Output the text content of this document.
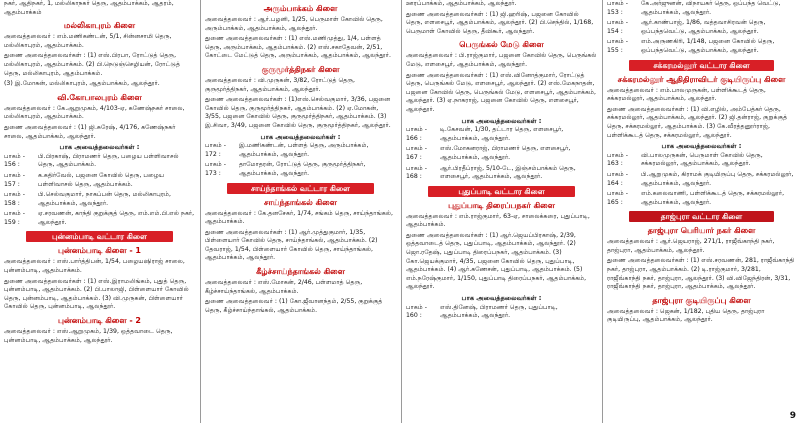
நகர், ஆதிநகர், 1, மல்லிகாநகர் தெரு, ஆதம்பாக்கம், ஆதரம், ஆதம்பாக்கம்

மல்லிகாபுரம் கிளை

அவைத்தலைவர் : எம்.மணிகண்டன், 5/1, சின்னசாமி தெரு, மல்லிகாபுரம், ஆதம்பாக்கம்.

துணை அவைத்தலைவர்கள் : (1) எஸ்.பிரபா, ரோட்டுத் தெரு, மல்லிகாபுரம், ஆதம்பாக்கம். (2) பி.நெடுஞ்செழியன், ரோட்டுத் தெரு, மல்லிகாபுரம், ஆதம்பாக்கம்.

(3) இ.மோகன், மல்லிகாபுரம், ஆதம்பாக்கம், ஆலந்தூர்.

வி.கோபாலபுரம் கிளை

அவைத்தலைவர் : கே.ஆறுமுகம், 4/103-ஏ, கணேஷ்நகர் சாலை, மல்லிகாபுரம், ஆதம்பாக்கம்.

துணை அவைத்தலைவர் : (1) ஜி.சுரேஷ், 4/176, கணேஷ்நகர் சாலை, ஆதம்பாக்கம், ஆலந்தூர்.

பாக அவைத்தலைவர்கள் :
பாகம் - 156 :
பி.பிரகாஷ், பிராமணர் தெரு, பழைய பள்ளிவாசல் தெரு, ஆதம்பாக்கம்.
பாகம் - 157 :
க.கதிர்வேல், பஜனை கோவில் தெரு, பழைய பள்ளிவாசல் தெரு, ஆதம்பாக்கம்.
பாகம் - 158 :
பி.செல்வகுமார், நாகப்பன் தெரு, மல்லிகாபுரம், ஆதம்பாக்கம், ஆலந்தூர்.
பாகம் - 159 :
ஏ.சரவணன், காந்தி குறுக்குத் தெரு, எம்.எம்.பி.எல் நகர், ஆலந்தூர்.
புன்னம்பாடி வட்டார கிளை
புன்னம்பாடி கிளை - 1

அவைத்தலைவர் : எஸ்.பார்த்திபன், 1/54, பழையஷிராஜ் சாலை, புன்னம்பாடி, ஆதம்பாக்கம்.

துணை அவைத்தலைவர்கள் : (1) எஸ்.இராமலிங்கம், புதுத் தெரு, புன்னம்பாடி, ஆதம்பாக்கம். (2) பி.பாலாஜி, பிள்ளையார் கோவில் தெரு, புன்னம்பாடி, ஆதம்பாக்கம். (3) வி.முருகன், பிள்ளையார் கோவில் தெரு, புன்னம்பாடி, ஆலந்தூர்.

புன்னம்பாடி கிளை - 2

அவைத்தலைவர் : எஸ்.ஆறுமுகம், 1/39, ஒத்தவாடை தெரு, புன்னம்பாடி, ஆதம்பாக்கம், ஆலந்தூர்.

அரும்பாக்கம் கிளை

அவைத்தலைவர் : ஆர்.பழனி, 1/25, பெருமாள் கோவில் தெரு, அரும்பாக்கம், ஆதம்பாக்கம், ஆலந்தூர்.

துணை அவைத்தலைவர்கள் : (1) எஸ்.மணிமுத்து, 1/4, பள்ளத் தெரு, அரும்பாக்கம், ஆதம்பாக்கம். (2) எஸ்.சகாதேவன், 2/51, கோட்டை மேட்டுத் தெரு, அரும்பாக்கம், ஆதம்பாக்கம், ஆலந்தூர்.

குருமூர்த்திநகர் கிளை

அவைத்தலைவர் : வி.முருகன், 3/82, ரோட்டுத் தெரு, குருமூர்த்திநகர், ஆதம்பாக்கம், ஆலந்தூர்.

துணை அவைத்தலைவர்கள் : (1)எஸ்.செல்வகுமார், 3/36, பஜனை கோவில் தெரு, குருமூர்த்திநகர், ஆதம்பாக்கம். (2) ஏ.மோகன், 3/55, பஜனை கோவில் தெரு, குருமூர்த்திநகர், ஆதம்பாக்கம். (3) இ.சிவா, 3/49, பஜனை கோவில் தெரு, குருமூர்த்திநகர், ஆலந்தூர்.

பாக அவைத்தலைவர்கள் :
பாகம் - 172 :
இ.மணிகண்டன், பள்ளத் தெரு, அரும்பாக்கம், ஆதம்பாக்கம், ஆலந்தூர்.
பாகம் - 173 :
தாமோதரன், ரோட்டுத் தெரு, குருமூர்த்திநகர், ஆதம்பாக்கம், ஆலந்தூர்.
சாய்ந்தாங்கல் வட்டார கிளை
சாய்ந்தாங்கல் கிளை

அவைத்தலைவர் : கே.தனசேகர், 1/74, சங்கம் தெரு, சாய்ந்தாங்கல், ஆதம்பாக்கம்.

துணை அவைத்தலைவர்கள் : (1) ஆர்.முத்துகுமார், 1/35, பிள்ளையார் கோவில் தெரு, சாய்ந்தாங்கல், ஆதம்பாக்கம். (2) தேவராஜ், 1/54, பிள்ளையார் கோவில் தெரு, சாய்ந்தாங்கல், ஆதம்பாக்கம், ஆலந்தூர்.

கீழ்ச்சாய்ந்தாங்கல் கிளை

அவைத்தலைவர் : எஸ்.மோகன், 2/46, பள்ளமாத் தெரு, கீழ்ச்சாய்ந்தாங்கல், ஆதம்பாக்கம்.

துணை அவைத்தலைவர் : (1) கோ.ஜீவானந்தம், 2/55, குறுக்குத் தெரு, கீழ்ச்சாய்ந்தாங்கல், ஆதம்பாக்கம்.

ஊரப்பாக்கம், ஆதம்பாக்கம், ஆலந்தூர்.

துணை அவைத்தலைவர்கள் : (1) ஜி.ஹரிஷ், பஜனை கோவில் தெரு, எளசைபூர், ஆதம்பாக்கம், ஆலந்தூர். (2) பி.செந்தில், 1/168, பெருமாள் கோவில் தெரு, தீவிகூர், ஆலந்தூர்.

பெருங்கல் மேடு கிளை

அவைத்தலைவர் : பி.ராஜ்குமார், பஜனை கோவில் தெரு, பெருங்கல் மேடு, எளசைபூர், ஆதம்பாக்கம், ஆலந்தூர்.

துணை அவைத்தலைவர்கள் : (1) எஸ்.வினோத்குமார், ரோட்டுத் தெரு, பெருங்கல் மேடு, எளசைபூர், ஆலந்தூர். (2) எஸ்.மேகநாதன், பஜனை கோவில் தெரு, பெருங்கல் மேடு, எளசைபூர், ஆதம்பாக்கம், ஆலந்தூர். (3) ஏ.நாகராஜ், பஜனை கோவில் தெரு, எளசைபூர், ஆலந்தூர்.

பாக அவைத்தலைவர்கள் :
பாகம் - 166 :
டி.கேசவன், 1/30, தட்டார தெரு, எளசைபூர், ஆதம்பாக்கம், ஆலந்தூர்.
பாகம் - 167 :
எஸ்.மோகனராஜ், பிராமணர் தெரு, எளசைபூர், ஆதம்பாக்கம், ஆலந்தூர்.
பாகம் - 168 :
ஆர்.பிரதீப்ராஜ், 5/10-டே, இஞ்சம்பாக்கம் தெரு, எளசைபூர், ஆதம்பாக்கம், ஆலந்தூர்.
புதுப்பாடி வட்டார கிளை
புதுப்பாடி திரைப்பநகர் கிளை

அவைத்தலைவர் : எம்.ராஜ்குமார், 63-ஏ, சாலைக்கரை, புதுப்பாடி, ஆதம்பாக்கம்.

துணை அவைத்தலைவர்கள் : (1) ஆர்.ஜெயப்பிரகாஷ், 2/39, ஒத்தவாடைத் தெரு, புதுப்பாடி, ஆதம்பாக்கம், ஆலந்தூர். (2) ஜொ.ரதேஷ், புதுப்பாடி திரைப்பநகர், ஆதம்பாக்கம். (3) கோ.ஜெயக்குமார், 4/35, பஜனை கோவில் தெரு, புதுப்பாடி, ஆதம்பாக்கம். (4) ஆர்.கணேசன், புதுப்பாடி, ஆதம்பாக்கம். (5) எம்.நரேஷ்குமார், 1/150, புதுப்பாடி திரைப்பநகர், ஆதம்பாக்கம், ஆலந்தூர்.

பாக அவைத்தலைவர்கள் :
பாகம் - 160 :
எஸ்.தினேஷ், பிராமணர் தெரு, புதுப்பாடி, ஆதம்பாக்கம், ஆலந்தூர்.
பாகம் - 153 :
கே.அர்ஜுனன், விநாயகர் தெரு, ஒப்பந்த வெட்டு, ஆதம்பாக்கம், ஆலந்தூர்.
பாகம் - 154 :
ஆர்.காண்பாஜ், 1/86, வத்தவாசிரவன் தெரு, ஒப்பந்தவெட்டு, ஆதம்பாக்கம், ஆலந்தூர்.
பாகம் - 155 :
எம்.அருணகிரி, 1/148, பஜனை கோவில் தெரு, ஒப்பந்தவெட்டு, ஆதம்பாக்கம், ஆலந்தூர்.
சக்கரமல்லூர் வட்டார கிளை
சக்கரமல்லூர் ஆதிதிராவிடர் குடியிருப்பு கிளை

அவைத்தலைவர் : எம்.பாலமுருகன், பள்ளிக்கூடத் தெரு, சக்கரமல்லூர், ஆதம்பாக்கம், ஆலந்தூர்.

துணை அவைத்தலைவர்கள் : (1) வி.எழில், அம்பேத்கர் தெரு, சக்கரமல்லூர், ஆதம்பாக்கம், ஆலந்தூர். (2) ஜி.தன்ராஜ், குறுக்குத் தெரு, சக்கரமல்லூர், ஆதம்பாக்கம். (3) கே.வீரத்தனூர்ராஜ், பள்ளிக்கூடத் தெரு, சக்கரமல்லூர், ஆலந்தூர்.

பாக அவைத்தலைவர்கள் :
பாகம் - 163 :
வி.பாலமுருகன், பெருமாள் கோவில் தெரு, சக்கரமல்லூர், ஆதம்பாக்கம், ஆலந்தூர்.
பாகம் - 164 :
பி.ஆறுமுகம், கிராமக் குடியிருப்பு தெரு, சக்கரமல்லூர், ஆதம்பாக்கம், ஆலந்தூர்.
பாகம் - 165 :
எம்.கலைவாணி, பள்ளிக்கூடத் தெரு, சக்கரமல்லூர், ஆதம்பாக்கம், ஆலந்தூர்.
தாஜ்புரா வட்டார கிளை
தாஜ்புரா பெரியார் நகர் கிளை

அவைத்தலைவர் : ஆர்.ஜெயராஜ், 271/1, ராஜீவ்காந்தி நகர், தாஜ்புரா, ஆதம்பாக்கம், ஆலந்தூர்.

துணை அவைத்தலைவர்கள் : (1) எஸ்.சரவணன், 281, ராஜீவ்காந்தி நகர், தாஜ்புரா, ஆதம்பாக்கம். (2) டி.ராஜ்குமார், 3/281, ராஜீவ்காந்தி நகர், தாஜ்புரா, ஆலந்தூர். (3) வி.விஜேந்திரன், 3/31, ராஜீவ்காந்தி நகர், தாஜ்புரா, ஆதம்பாக்கம், ஆலந்தூர்.

தாஜ்புரா குடியிருப்பு கிளை

அவைத்தலைவர் : ஜெகன், 1/182, புதிய தெரு, தாஜ்புரா குடியிருப்பு, ஆதம்பாக்கம், ஆலந்தூர்.

9
